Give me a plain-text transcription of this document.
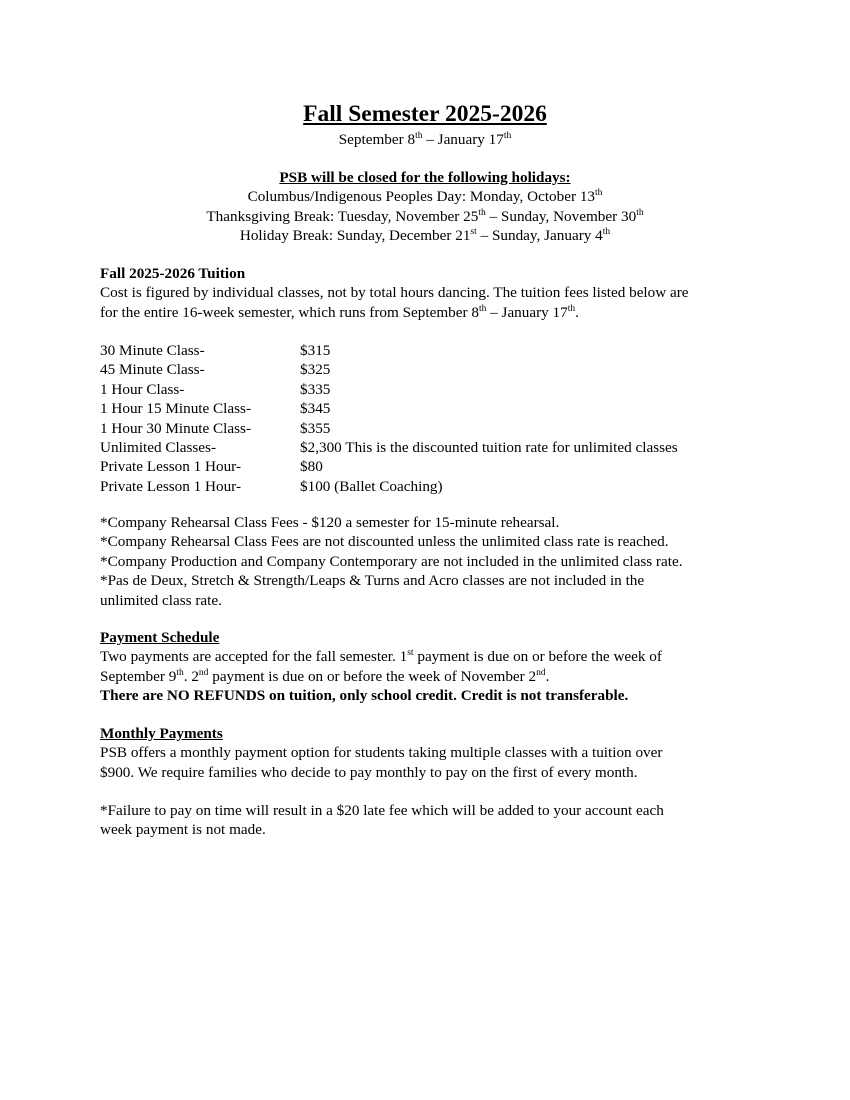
Fall Semester 2025-2026
September 8th – January 17th
PSB will be closed for the following holidays:
Columbus/Indigenous Peoples Day: Monday, October 13th
Thanksgiving Break: Tuesday, November 25th – Sunday, November 30th
Holiday Break: Sunday, December 21st – Sunday, January 4th
Fall 2025-2026 Tuition
Cost is figured by individual classes, not by total hours dancing. The tuition fees listed below are
for the entire 16-week semester, which runs from September 8th – January 17th.
30 Minute Class-	$315
45 Minute Class-	$325
1 Hour Class-	$335
1 Hour 15 Minute Class-	$345
1 Hour 30 Minute Class-	$355
Unlimited Classes-	$2,300 This is the discounted tuition rate for unlimited classes
Private Lesson 1 Hour-	$80
Private Lesson 1 Hour-	$100 (Ballet Coaching)
*Company Rehearsal Class Fees - $120 a semester for 15-minute rehearsal.
*Company Rehearsal Class Fees are not discounted unless the unlimited class rate is reached.
*Company Production and Company Contemporary are not included in the unlimited class rate.
*Pas de Deux, Stretch & Strength/Leaps & Turns and Acro classes are not included in the
unlimited class rate.
Payment Schedule
Two payments are accepted for the fall semester. 1st payment is due on or before the week of
September 9th. 2nd payment is due on or before the week of November 2nd.
There are NO REFUNDS on tuition, only school credit. Credit is not transferable.
Monthly Payments
PSB offers a monthly payment option for students taking multiple classes with a tuition over
$900. We require families who decide to pay monthly to pay on the first of every month.
*Failure to pay on time will result in a $20 late fee which will be added to your account each
week payment is not made.
